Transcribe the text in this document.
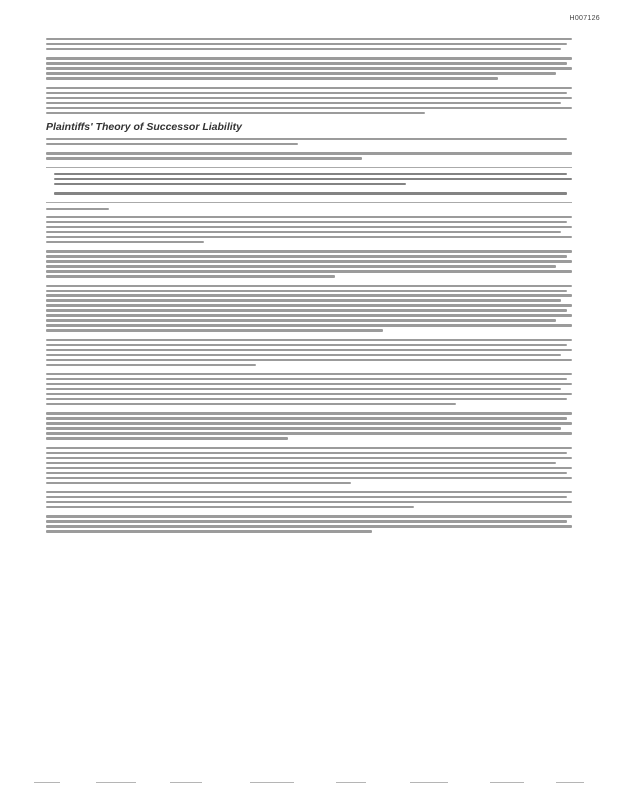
H007126
Plaintiffs' Theory of Successor Liability
